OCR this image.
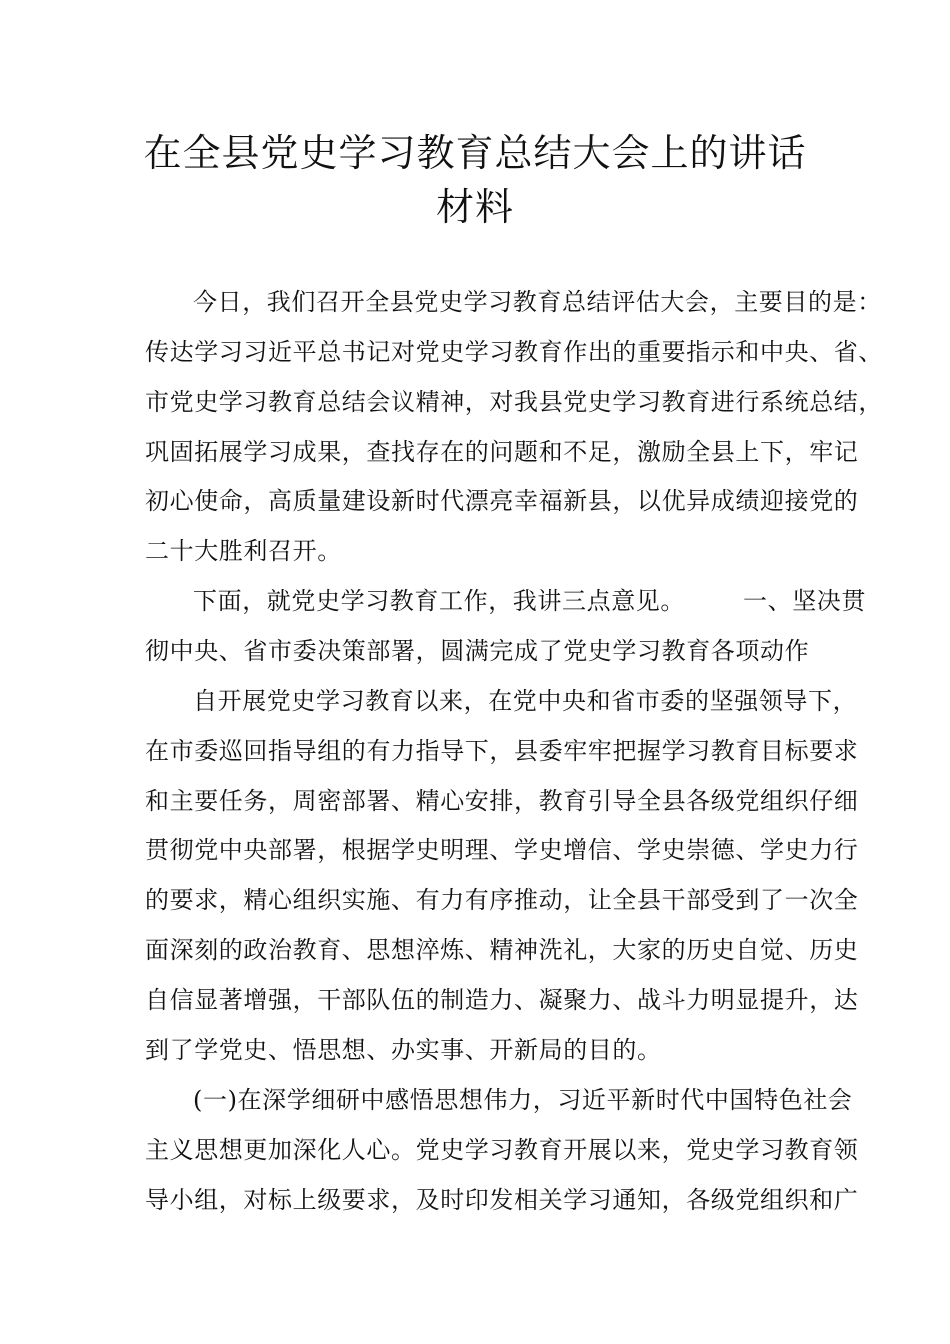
在全县党史学习教育总结大会上的讲话
材料

今日，我们召开全县党史学习教育总结评估大会，主要目的是：

传达学习习近平总书记对党史学习教育作出的重要指示和中央、省、

市党史学习教育总结会议精神，对我县党史学习教育进行系统总结，

巩固拓展学习成果，查找存在的问题和不足，激励全县上下，牢记

初心使命，高质量建设新时代漂亮幸福新县，以优异成绩迎接党的

二十大胜利召开。

下面，就党史学习教育工作，我讲三点意见。 一、坚决贯

彻中央、省市委决策部署，圆满完成了党史学习教育各项动作

自开展党史学习教育以来，在党中央和省市委的坚强领导下，

在市委巡回指导组的有力指导下，县委牢牢把握学习教育目标要求

和主要任务，周密部署、精心安排，教育引导全县各级党组织仔细

贯彻党中央部署，根据学史明理、学史增信、学史崇德、学史力行

的要求，精心组织实施、有力有序推动，让全县干部受到了一次全

面深刻的政治教育、思想淬炼、精神洗礼，大家的历史自觉、历史

自信显著增强，干部队伍的制造力、凝聚力、战斗力明显提升，达

到了学党史、悟思想、办实事、开新局的目的。

(一)在深学细研中感悟思想伟力，习近平新时代中国特色社会

主义思想更加深化人心。党史学习教育开展以来，党史学习教育领

导小组，对标上级要求，及时印发相关学习通知，各级党组织和广
